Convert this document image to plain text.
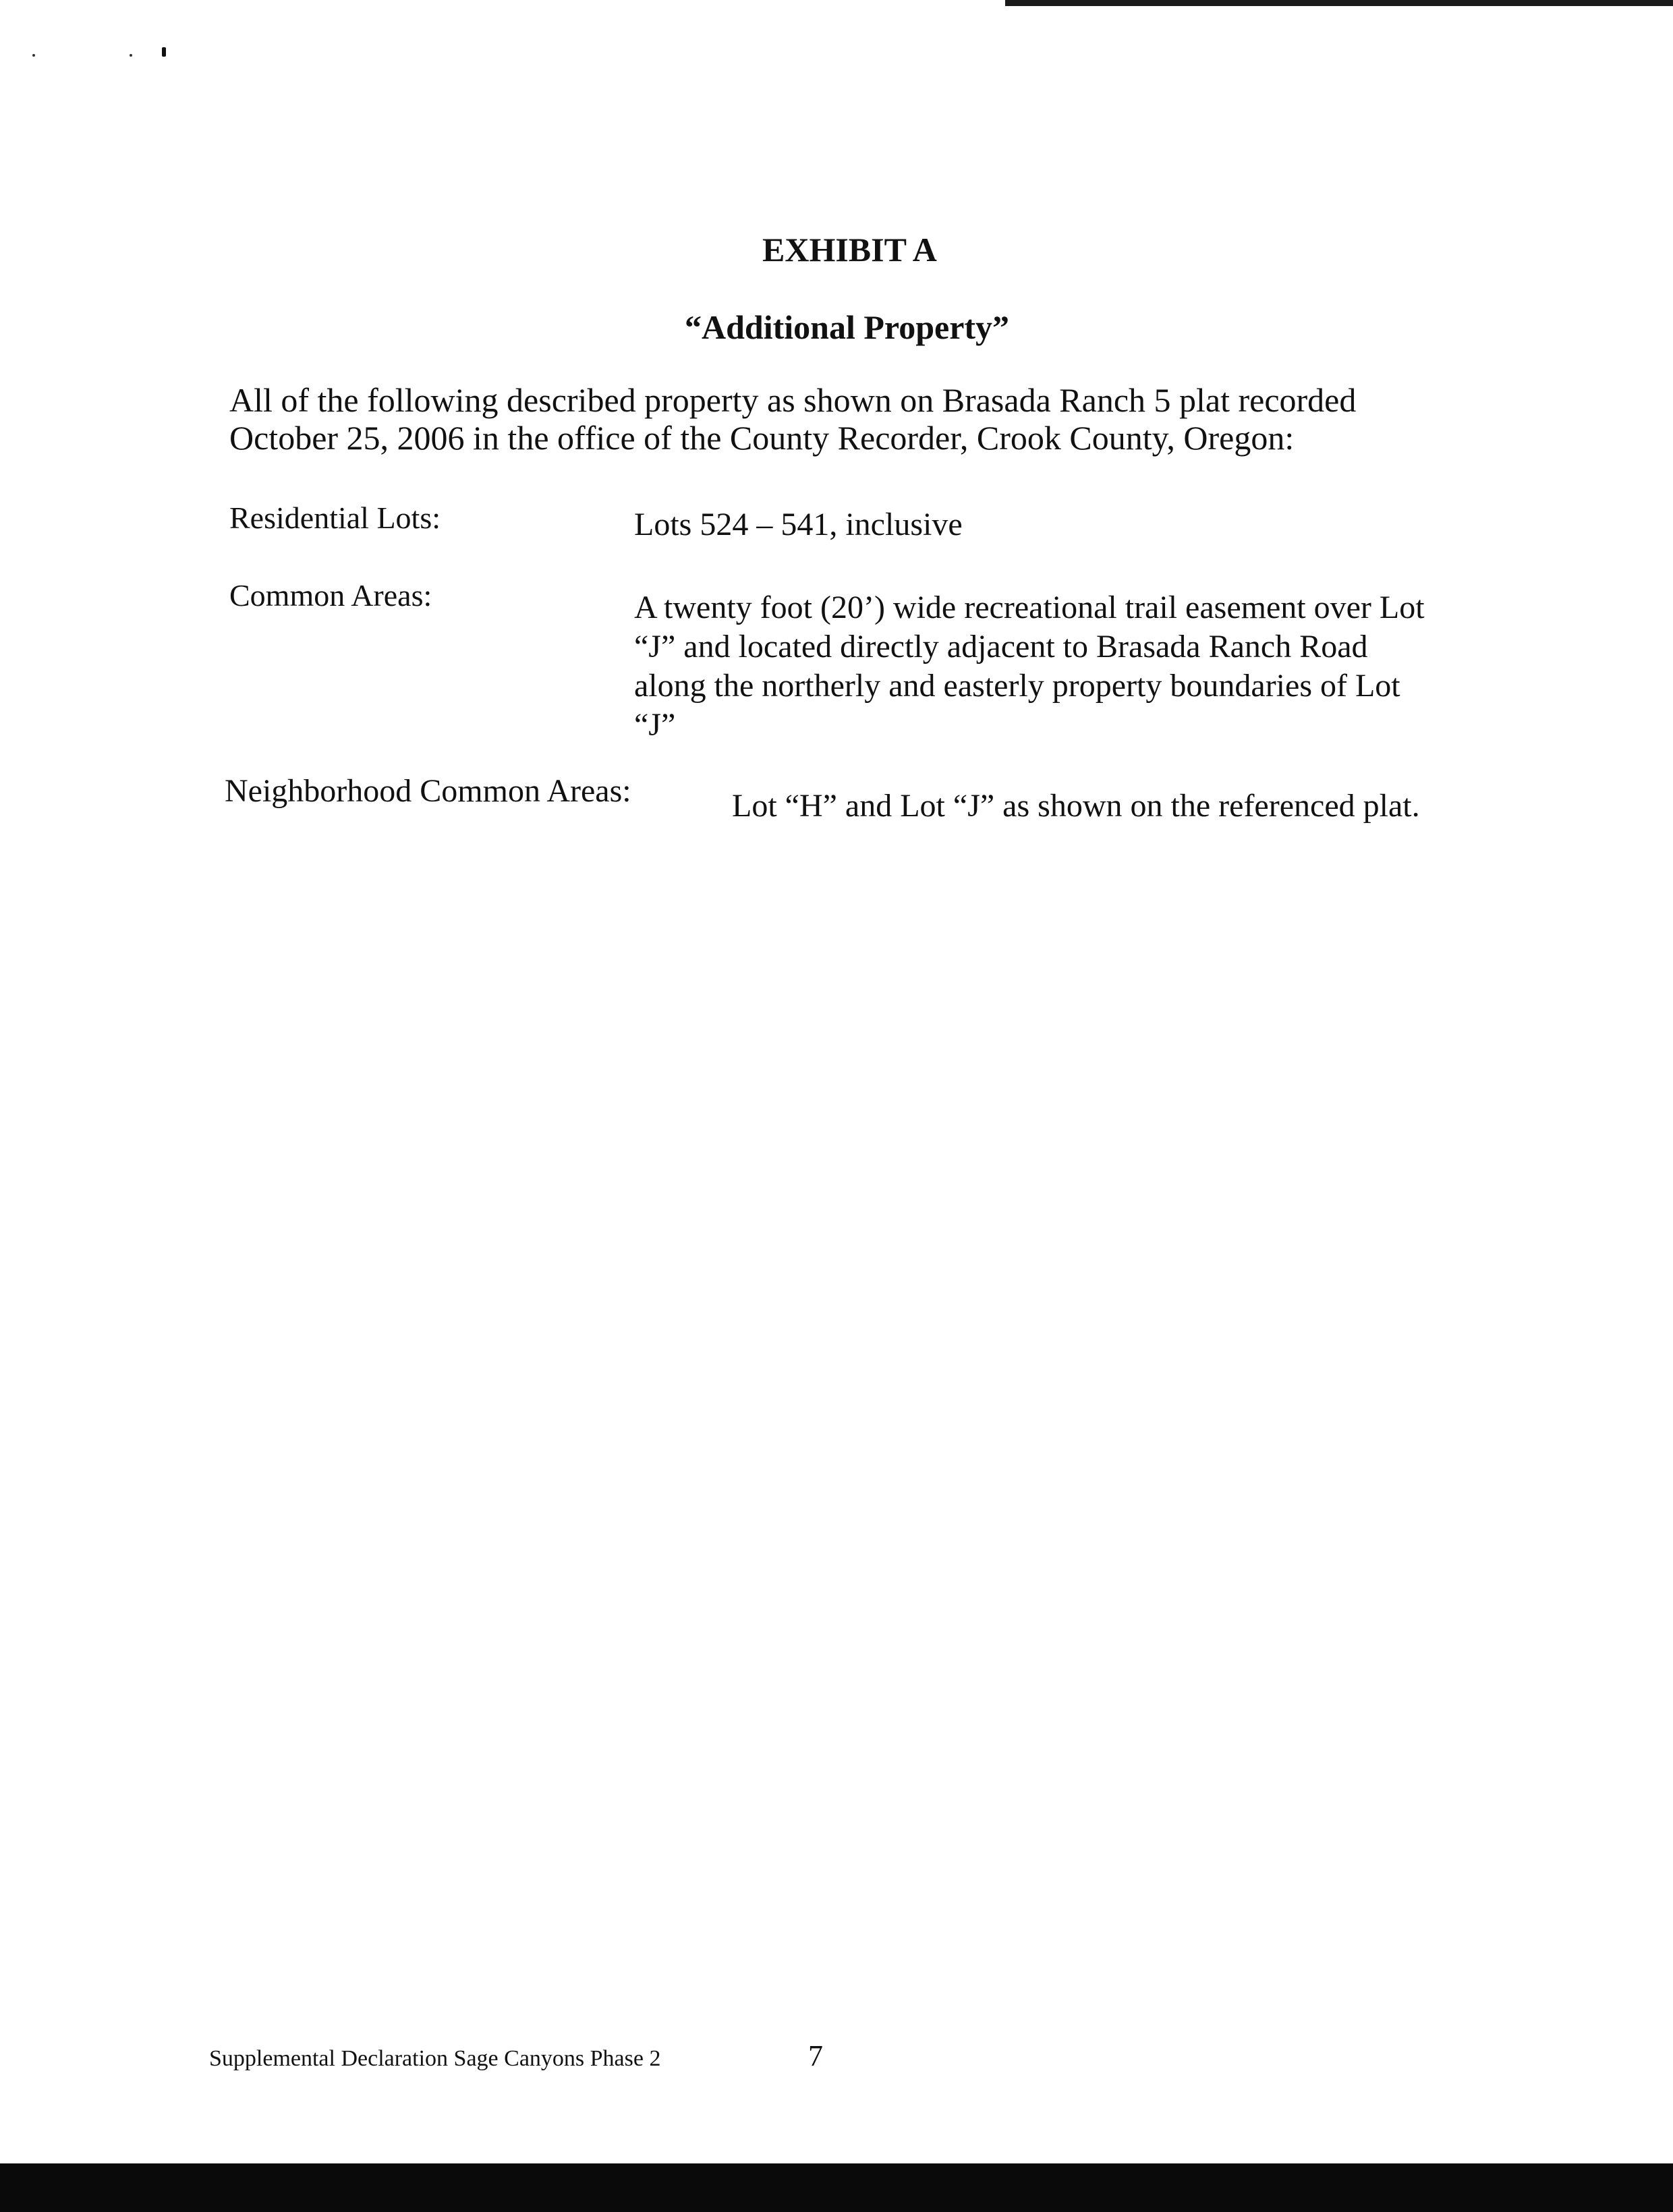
EXHIBIT A
“Additional Property”
All of the following described property as shown on Brasada Ranch 5 plat recorded
October 25, 2006 in the office of the County Recorder, Crook County, Oregon:
Residential Lots:	Lots 524 – 541, inclusive
Common Areas:	A twenty foot (20’) wide recreational trail easement over Lot
“J” and located directly adjacent to Brasada Ranch Road
along the northerly and easterly property boundaries of Lot
“J”
Neighborhood Common Areas:	Lot “H” and Lot “J” as shown on the referenced plat.
Supplemental Declaration Sage Canyons Phase 2	7
